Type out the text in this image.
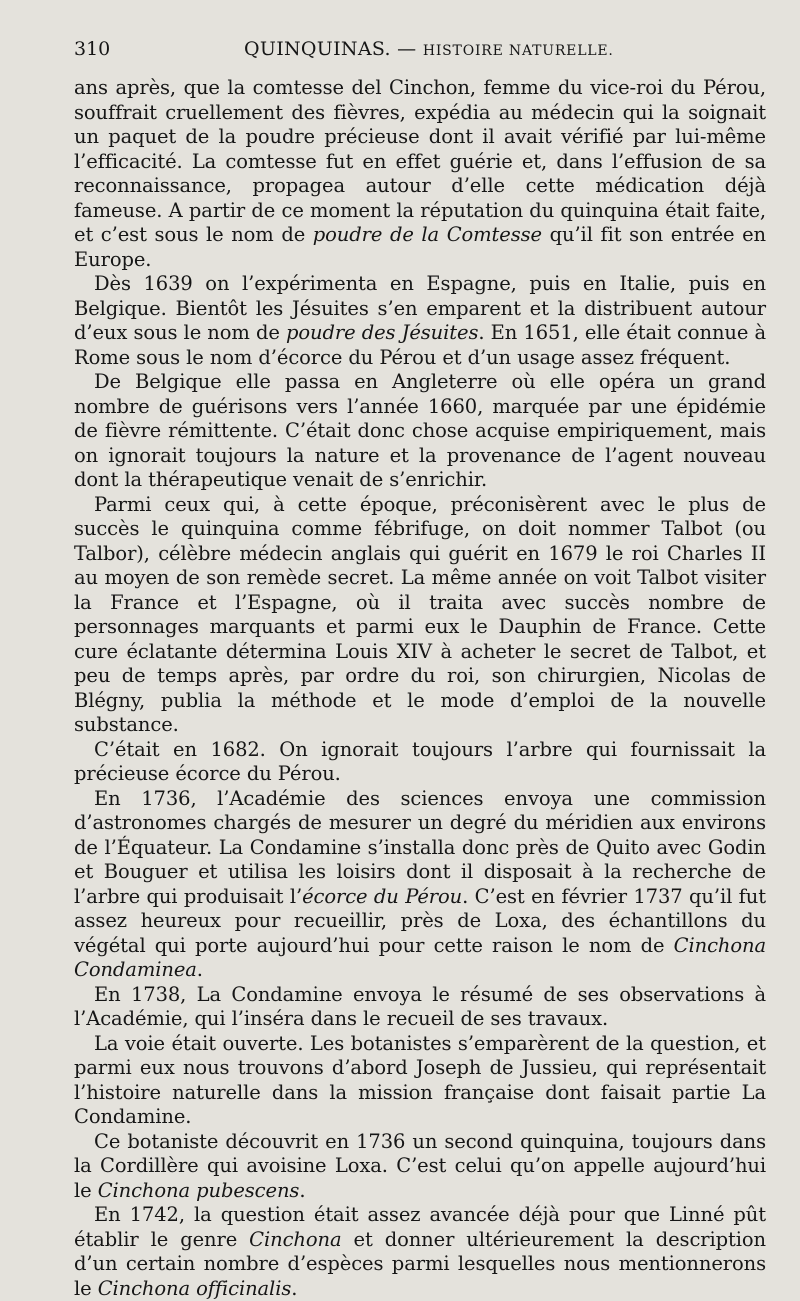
310	QUINQUINAS. — HISTOIRE NATURELLE.

ans après, que la comtesse del Cinchon, femme du vice-roi du Pérou, souffrait cruellement des fièvres, expédia au médecin qui la soignait un paquet de la poudre précieuse dont il avait vérifié par lui-même l’efficacité. La comtesse fut en effet guérie et, dans l’effusion de sa reconnaissance, propagea autour d’elle cette médication déjà fameuse. A partir de ce moment la réputation du quinquina était faite, et c’est sous le nom de poudre de la Comtesse qu’il fit son entrée en Europe.

Dès 1639 on l’expérimenta en Espagne, puis en Italie, puis en Belgique. Bientôt les Jésuites s’en emparent et la distribuent autour d’eux sous le nom de poudre des Jésuites. En 1651, elle était connue à Rome sous le nom d’écorce du Pérou et d’un usage assez fréquent.

De Belgique elle passa en Angleterre où elle opéra un grand nombre de guérisons vers l’année 1660, marquée par une épidémie de fièvre rémittente. C’était donc chose acquise empiriquement, mais on ignorait toujours la nature et la provenance de l’agent nouveau dont la thérapeutique venait de s’enrichir.

Parmi ceux qui, à cette époque, préconisèrent avec le plus de succès le quinquina comme fébrifuge, on doit nommer Talbot (ou Talbor), célèbre médecin anglais qui guérit en 1679 le roi Charles II au moyen de son remède secret. La même année on voit Talbot visiter la France et l’Espagne, où il traita avec succès nombre de personnages marquants et parmi eux le Dauphin de France. Cette cure éclatante détermina Louis XIV à acheter le secret de Talbot, et peu de temps après, par ordre du roi, son chirurgien, Nicolas de Blégny, publia la méthode et le mode d’emploi de la nouvelle substance.

C’était en 1682. On ignorait toujours l’arbre qui fournissait la précieuse écorce du Pérou.

En 1736, l’Académie des sciences envoya une commission d’astronomes chargés de mesurer un degré du méridien aux environs de l’Équateur. La Condamine s’installa donc près de Quito avec Godin et Bouguer et utilisa les loisirs dont il disposait à la recherche de l’arbre qui produisait l’écorce du Pérou. C’est en février 1737 qu’il fut assez heureux pour recueillir, près de Loxa, des échantillons du végétal qui porte aujourd’hui pour cette raison le nom de Cinchona Condaminea.

En 1738, La Condamine envoya le résumé de ses observations à l’Académie, qui l’inséra dans le recueil de ses travaux.

La voie était ouverte. Les botanistes s’emparèrent de la question, et parmi eux nous trouvons d’abord Joseph de Jussieu, qui représentait l’histoire naturelle dans la mission française dont faisait partie La Condamine.

Ce botaniste découvrit en 1736 un second quinquina, toujours dans la Cordillère qui avoisine Loxa. C’est celui qu’on appelle aujourd’hui le Cinchona pubescens.

En 1742, la question était assez avancée déjà pour que Linné pût établir le genre Cinchona et donner ultérieurement la description d’un certain nombre d’espèces parmi lesquelles nous mentionnerons le Cinchona officinalis.
